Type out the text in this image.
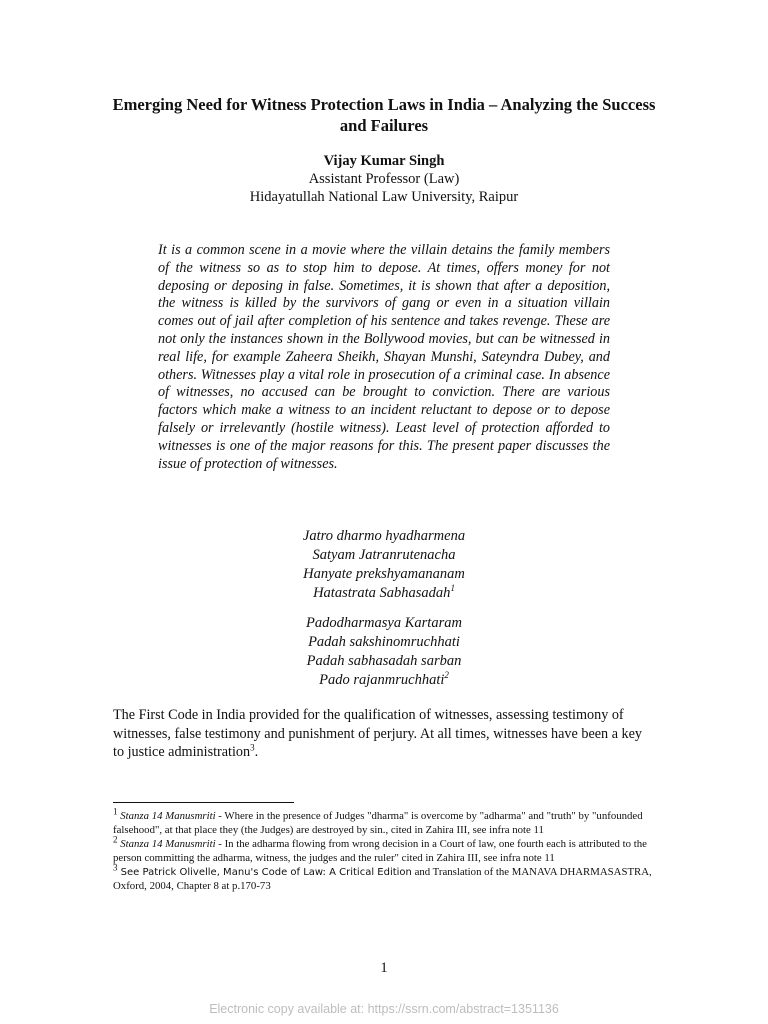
Emerging Need for Witness Protection Laws in India – Analyzing the Success and Failures
Vijay Kumar Singh
Assistant Professor (Law)
Hidayatullah National Law University, Raipur
It is a common scene in a movie where the villain detains the family members of the witness so as to stop him to depose. At times, offers money for not deposing or deposing in false. Sometimes, it is shown that after a deposition, the witness is killed by the survivors of gang or even in a situation villain comes out of jail after completion of his sentence and takes revenge. These are not only the instances shown in the Bollywood movies, but can be witnessed in real life, for example Zaheera Sheikh, Shayan Munshi, Sateyndra Dubey, and others. Witnesses play a vital role in prosecution of a criminal case. In absence of witnesses, no accused can be brought to conviction. There are various factors which make a witness to an incident reluctant to depose or to depose falsely or irrelevantly (hostile witness). Least level of protection afforded to witnesses is one of the major reasons for this. The present paper discusses the issue of protection of witnesses.
Jatro dharmo hyadharmena
Satyam Jatranrutenacha
Hanyate prekshyamananam
Hatastrata Sabhasadah$^1$
Padodharmasya Kartaram
Padah sakshinomruchhati
Padah sabhasadah sarban
Pado rajanmruchhati$^2$
The First Code in India provided for the qualification of witnesses, assessing testimony of witnesses, false testimony and punishment of perjury. At all times, witnesses have been a key to justice administration$^3$.
$^1$ Stanza 14 Manusmriti - Where in the presence of Judges "dharma" is overcome by "adharma" and "truth" by "unfounded falsehood", at that place they (the Judges) are destroyed by sin., cited in Zahira III, see infra note 11
$^2$ Stanza 14 Manusmriti - In the adharma flowing from wrong decision in a Court of law, one fourth each is attributed to the person committing the adharma, witness, the judges and the ruler" cited in Zahira III, see infra note 11
$^3$ See Patrick Olivelle, Manu's Code of Law: A Critical Edition and Translation of the MANAVA DHARMASASTRA, Oxford, 2004, Chapter 8 at p.170-73
1
Electronic copy available at: https://ssrn.com/abstract=1351136
